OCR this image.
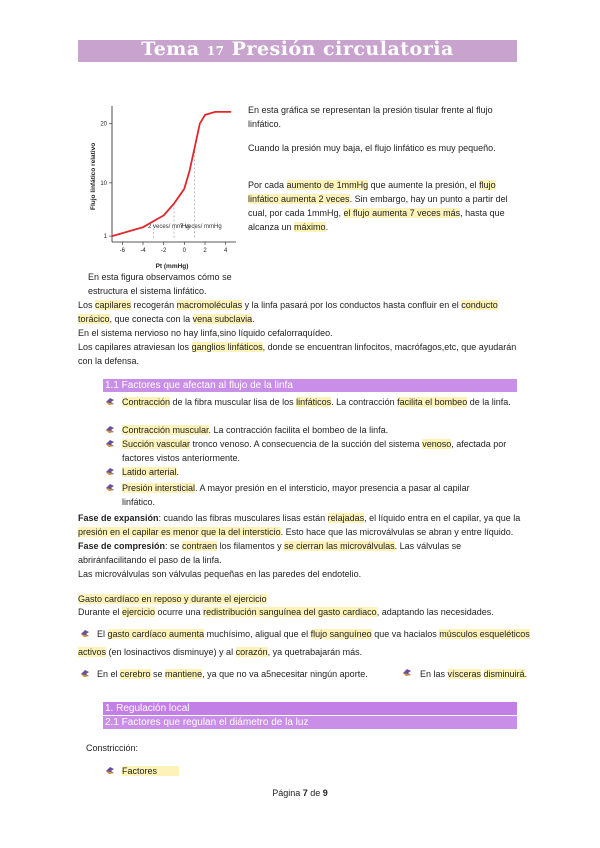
Tema 17 Presión circulatoria
Flujo linfático relativo
Pt (mmHg)
2 veces/ mmHg
7 veces/ mmHg
-6	-4	-2	0	2	4
1
10
20
En esta figura observamos cómo se estructura el sistema linfático.
En esta gráfica se representan la presión tisular frente al flujo linfático.
Cuando la presión muy baja, el flujo linfático es muy pequeño.
Por cada aumento de 1mmHg que aumente la presión, el flujo linfático aumenta 2 veces. Sin embargo, hay un punto a partir del cual, por cada 1mmHg, el flujo aumenta 7 veces más, hasta que alcanza un máximo.
Los capilares recogerán macromoléculas y la linfa pasará por los conductos hasta confluir en el conducto torácico, que conecta con la vena subclavia.
En el sistema nervioso no hay linfa,sino líquido cefalorraquídeo.
Los capilares atraviesan los ganglios linfáticos, donde se encuentran linfocitos, macrófagos,etc, que ayudarán con la defensa.
1.1 Factores que afectan al flujo de la linfa
Contracción de la fibra muscular lisa de los linfáticos. La contracción facilita el bombeo de la linfa.
Contracción muscular. La contracción facilita el bombeo de la linfa.
Succión vascular tronco venoso. A consecuencia de la succión del sistema venoso, afectada por factores vistos anteriormente.
Latido arterial.
Presión intersticial. A mayor presión en el intersticio, mayor presencia a pasar al capilar linfático.
Fase de expansión: cuando las fibras musculares lisas están relajadas, el líquido entra en el capilar, ya que la presión en el capilar es menor que la del intersticio. Esto hace que las microválvulas se abran y entre líquido.
Fase de compresión: se contraen los filamentos y se cierran las microválvulas. Las válvulas se abriránfacilitando el paso de la linfa.
Las microválvulas son válvulas pequeñas en las paredes del endotelio.
Gasto cardíaco en reposo y durante el ejercicio
Durante el ejercicio ocurre una redistribución sanguínea del gasto cardiaco, adaptando las necesidades.
El gasto cardíaco aumenta muchísimo, aligual que el flujo sanguíneo que va hacialos músculos esqueléticos
activos (en losinactivos disminuye) y al corazón, ya quetrabajarán más.
En el cerebro se mantiene, ya que no va a5necesitar ningún aporte.	En las vísceras disminuirá.
1. Regulación local
2.1 Factores que regulan el diámetro de la luz
Constricción:
Factores
Página 7 de 9
